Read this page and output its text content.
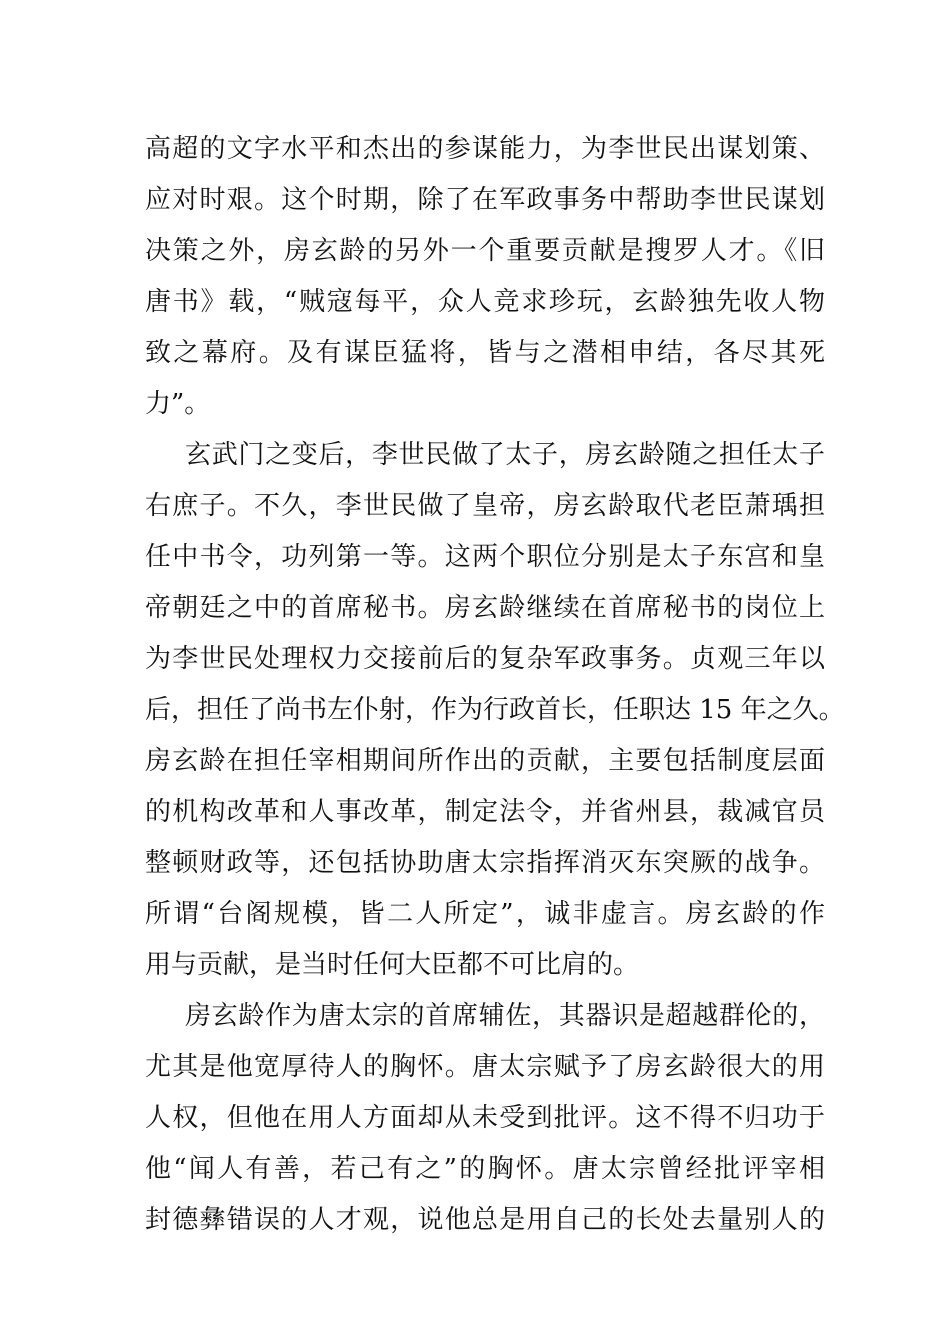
高超的文字水平和杰出的参谋能力，为李世民出谋划策、
应对时艰。这个时期，除了在军政事务中帮助李世民谋划
决策之外，房玄龄的另外一个重要贡献是搜罗人才。《旧
唐书》载，“贼寇每平，众人竞求珍玩，玄龄独先收人物
致之幕府。及有谋臣猛将，皆与之潜相申结，各尽其死
力”。
玄武门之变后，李世民做了太子，房玄龄随之担任太子
右庶子。不久，李世民做了皇帝，房玄龄取代老臣萧瑀担
任中书令，功列第一等。这两个职位分别是太子东宫和皇
帝朝廷之中的首席秘书。房玄龄继续在首席秘书的岗位上
为李世民处理权力交接前后的复杂军政事务。贞观三年以
后，担任了尚书左仆射，作为行政首长，任职达 15 年之久。
房玄龄在担任宰相期间所作出的贡献，主要包括制度层面
的机构改革和人事改革，制定法令，并省州县，裁减官员
整顿财政等，还包括协助唐太宗指挥消灭东突厥的战争。
所谓“台阁规模，皆二人所定”，诚非虚言。房玄龄的作
用与贡献，是当时任何大臣都不可比肩的。
房玄龄作为唐太宗的首席辅佐，其器识是超越群伦的，
尤其是他宽厚待人的胸怀。唐太宗赋予了房玄龄很大的用
人权，但他在用人方面却从未受到批评。这不得不归功于
他“闻人有善，若己有之”的胸怀。唐太宗曾经批评宰相
封德彝错误的人才观，说他总是用自己的长处去量别人的
